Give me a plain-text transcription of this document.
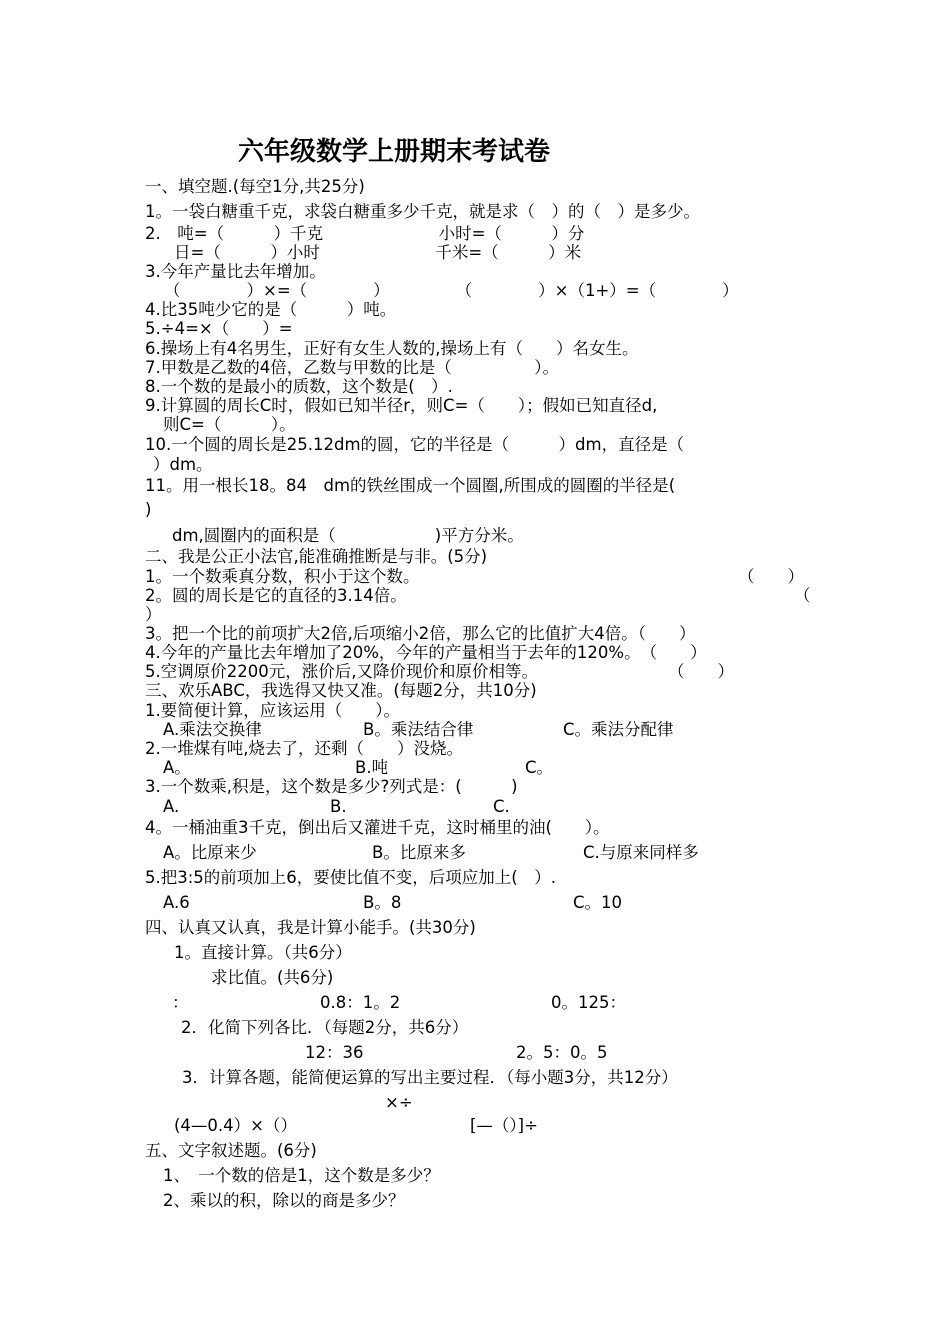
六年级数学上册期末考试卷
一、填空题.(每空1分,共25分)
1。一袋白糖重千克，求袋白糖重多少千克，就是求（　）的（　）是多少。
2.　吨=（　　　）千克　　　　　　　小时=（　　　）分
日=（　　　）小时　　　　　　　千米=（　　　）米
3.今年产量比去年增加。
（　　　　）×=（　　　　）　　　　　（　　　　）×（1+）=（　　　　）
4.比35吨少它的是（　　　）吨。
5.÷4=×（　　）=
6.操场上有4名男生，正好有女生人数的,操场上有（　　）名女生。
7.甲数是乙数的4倍，乙数与甲数的比是（　　　　　）。
8.一个数的是最小的质数，这个数是(　）.
9.计算圆的周长C时，假如已知半径r，则C=（　　）；假如已知直径d,
则C=（　　　）。
10.一个圆的周长是25.12dm的圆，它的半径是（　　　）dm，直径是（
）dm。
11。用一根长18。84　dm的铁丝围成一个圆圈,所围成的圆圈的半径是(
)
dm,圆圈内的面积是（　　　　　　)平方分米。
二、我是公正小法官,能准确推断是与非。(5分)
1。一个数乘真分数，积小于这个数。	（　　）
2。圆的周长是它的直径的3.14倍。	（
）
3。把一个比的前项扩大2倍,后项缩小2倍，那么它的比值扩大4倍。（　　）
4.今年的产量比去年增加了20%，今年的产量相当于去年的120%。　（　　）
5.空调原价2200元，涨价后,又降价现价和原价相等。	（　　）
三、欢乐ABC，我选得又快又准。(每题2分，共10分)
1.要简便计算，应该运用（　　）。
A.乘法交换律	B。乘法结合律	C。乘法分配律
2.一堆煤有吨,烧去了，还剩（　　）没烧。
A。	B.吨	C。
3.一个数乘,积是，这个数是多少?列式是：(　　　)
A.	B.	C.
4。一桶油重3千克，倒出后又灌进千克，这时桶里的油(　　）。
A。比原来少	B。比原来多	C.与原来同样多
5.把3:5的前项加上6，要使比值不变，后项应加上(　）.
A.6	B。8	C。10
四、认真又认真，我是计算小能手。(共30分)
1。直接计算。（共6分）
求比值。(共6分)
：	0.8：1。2	0。125：
2．化简下列各比．（每题2分，共6分）
12：36	2。5：0。5
3．计算各题，能简便运算的写出主要过程．（每小题3分，共12分）
×÷
(4—0.4）×（）	[—（）]÷
五、文字叙述题。(6分)
1、　一个数的倍是1，这个数是多少？
2、乘以的积，除以的商是多少？
